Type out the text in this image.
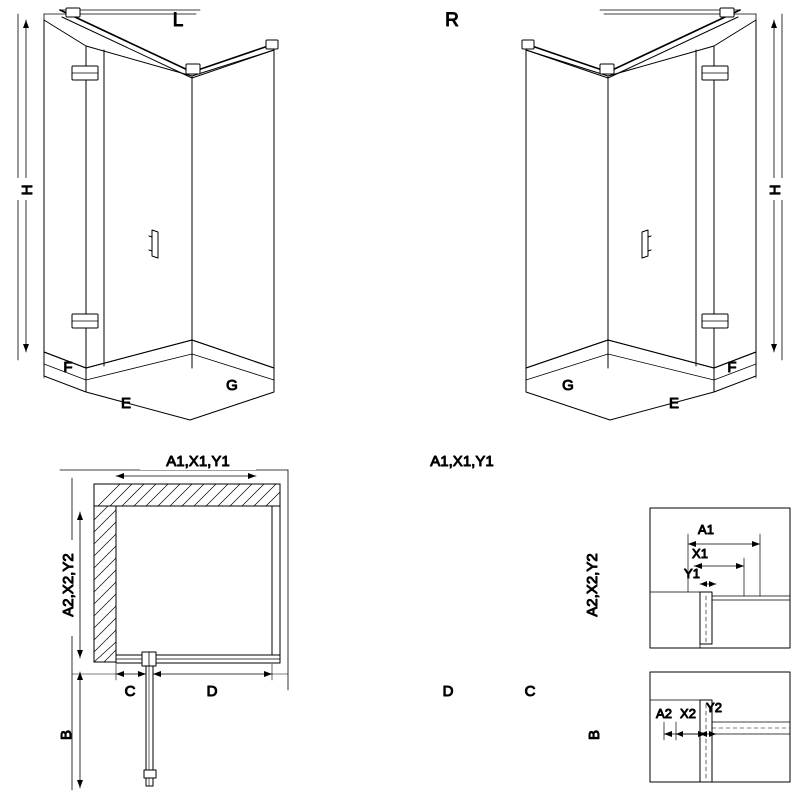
H
L
F
E
G
H
R
F
E
G
A1,X1,Y1
A2,X2,Y2
B
C	D
A1,X1,Y1
A2,X2,Y2
B
C
D
A1
X1
Y1
A2 X2 Y2
